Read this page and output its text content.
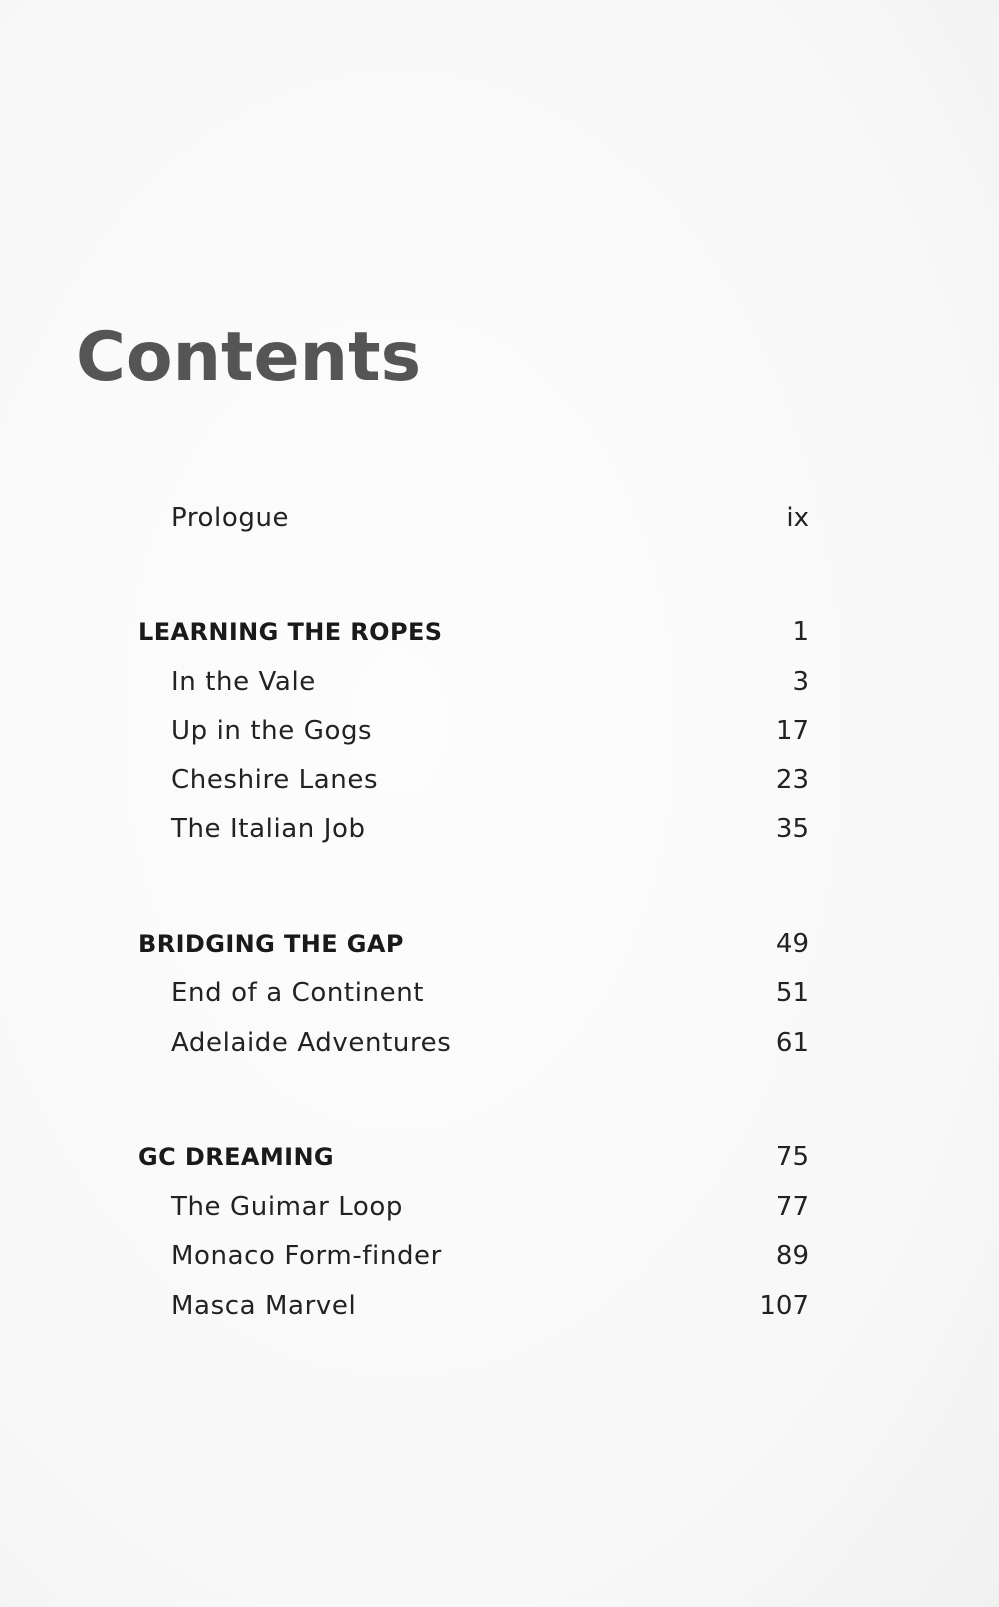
Contents
Prologue	ix
LEARNING THE ROPES	1
In the Vale	3
Up in the Gogs	17
Cheshire Lanes	23
The Italian Job	35
BRIDGING THE GAP	49
End of a Continent	51
Adelaide Adventures	61
GC DREAMING	75
The Guimar Loop	77
Monaco Form-finder	89
Masca Marvel	107
